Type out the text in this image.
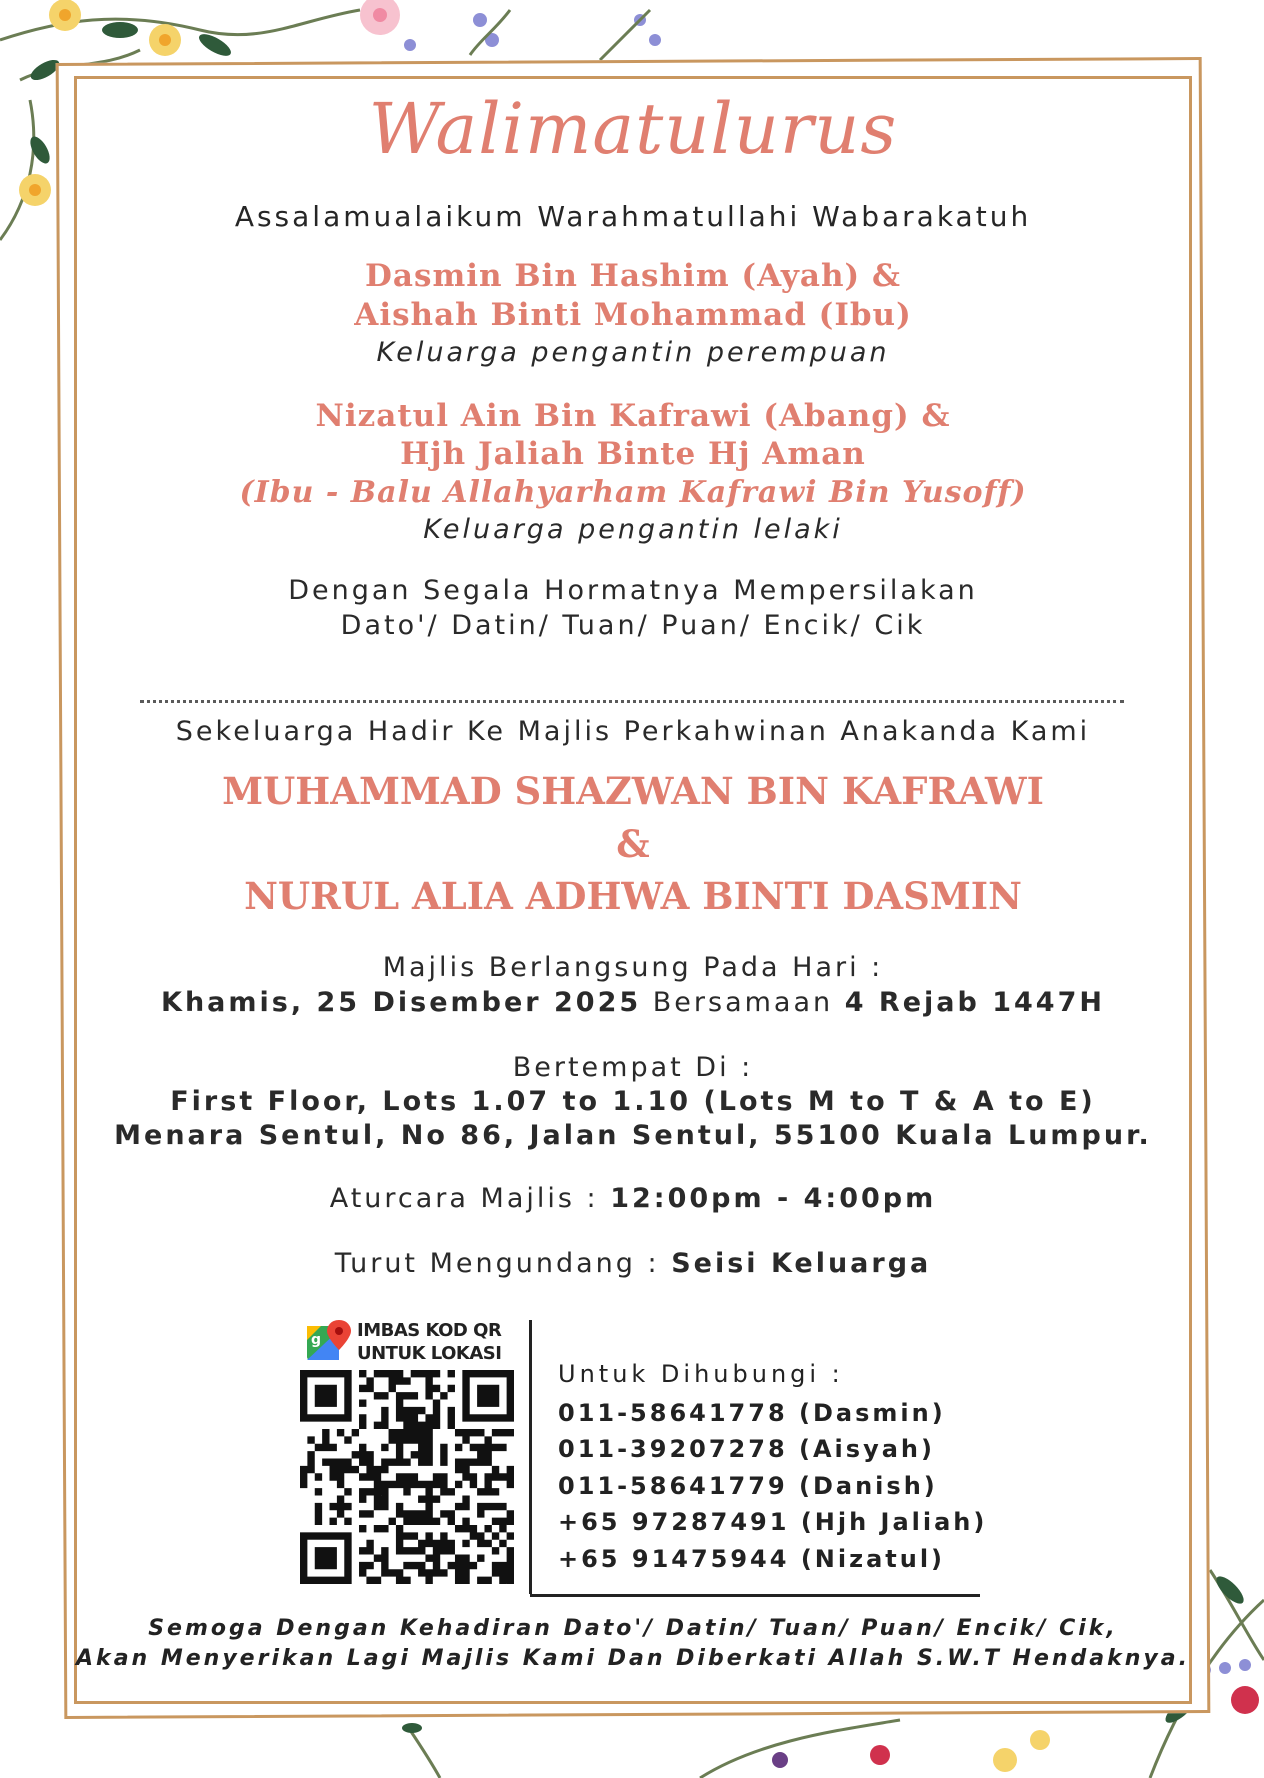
Walimatulurus
Assalamualaikum Warahmatullahi Wabarakatuh
Dasmin Bin Hashim (Ayah) &
Aishah Binti Mohammad (Ibu)
Keluarga pengantin perempuan
Nizatul Ain Bin Kafrawi (Abang) &
Hjh Jaliah Binte Hj Aman
(Ibu - Balu Allahyarham Kafrawi Bin Yusoff)
Keluarga pengantin lelaki
Dengan Segala Hormatnya Mempersilakan
Dato'/ Datin/ Tuan/ Puan/ Encik/ Cik
Sekeluarga Hadir Ke Majlis Perkahwinan Anakanda Kami
MUHAMMAD SHAZWAN BIN KAFRAWI
&
NURUL ALIA ADHWA BINTI DASMIN
Majlis Berlangsung Pada Hari :
Khamis, 25 Disember 2025 Bersamaan 4 Rejab 1447H
Bertempat Di :
First Floor, Lots 1.07 to 1.10 (Lots M to T & A to E)
Menara Sentul, No 86, Jalan Sentul, 55100 Kuala Lumpur.
Aturcara Majlis : 12:00pm - 4:00pm
Turut Mengundang : Seisi Keluarga
g IMBAS KOD QR
UNTUK LOKASI
Untuk Dihubungi :
011-58641778 (Dasmin)
011-39207278 (Aisyah)
011-58641779 (Danish)
+65 97287491 (Hjh Jaliah)
+65 91475944 (Nizatul)
Semoga Dengan Kehadiran Dato'/ Datin/ Tuan/ Puan/ Encik/ Cik,
Akan Menyerikan Lagi Majlis Kami Dan Diberkati Allah S.W.T Hendaknya.
